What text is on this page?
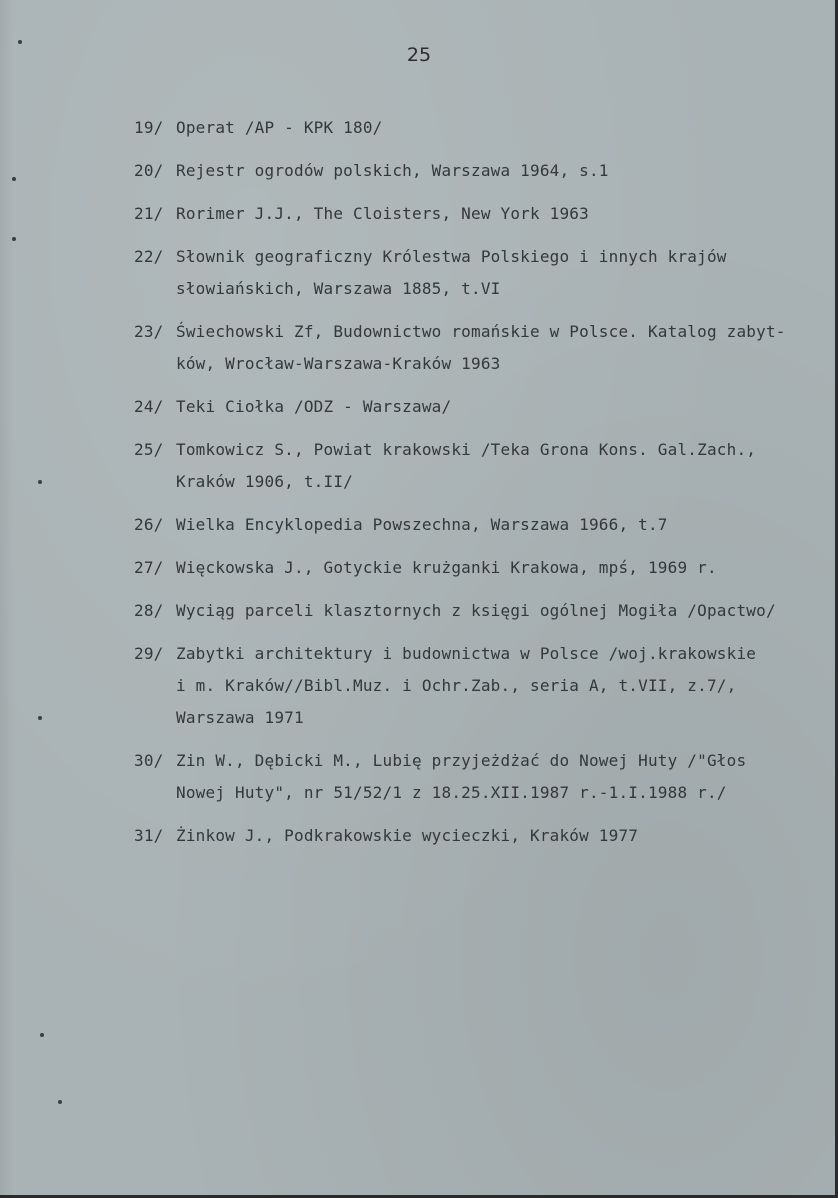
25
19/ Operat /AP - KPK 180/
20/ Rejestr ogrodów polskich, Warszawa 1964, s.1
21/ Rorimer J.J., The Cloisters, New York 1963
22/ Słownik geograficzny Królestwa Polskiego i innych krajów
słowiańskich, Warszawa 1885, t.VI
23/ Świechowski Zf, Budownictwo romańskie w Polsce. Katalog zabyt-
ków, Wrocław-Warszawa-Kraków 1963
24/ Teki Ciołka /ODZ - Warszawa/
25/ Tomkowicz S., Powiat krakowski /Teka Grona Kons. Gal.Zach.,
Kraków 1906, t.II/
26/ Wielka Encyklopedia Powszechna, Warszawa 1966, t.7
27/ Więckowska J., Gotyckie krużganki Krakowa, mpś, 1969 r.
28/ Wyciąg parceli klasztornych z księgi ogólnej Mogiła /Opactwo/
29/ Zabytki architektury i budownictwa w Polsce /woj.krakowskie
i m. Kraków//Bibl.Muz. i Ochr.Zab., seria A, t.VII, z.7/,
Warszawa 1971
30/ Zin W., Dębicki M., Lubię przyjeżdżać do Nowej Huty /"Głos
Nowej Huty", nr 51/52/1 z 18.25.XII.1987 r.-1.I.1988 r./
31/ Żinkow J., Podkrakowskie wycieczki, Kraków 1977
